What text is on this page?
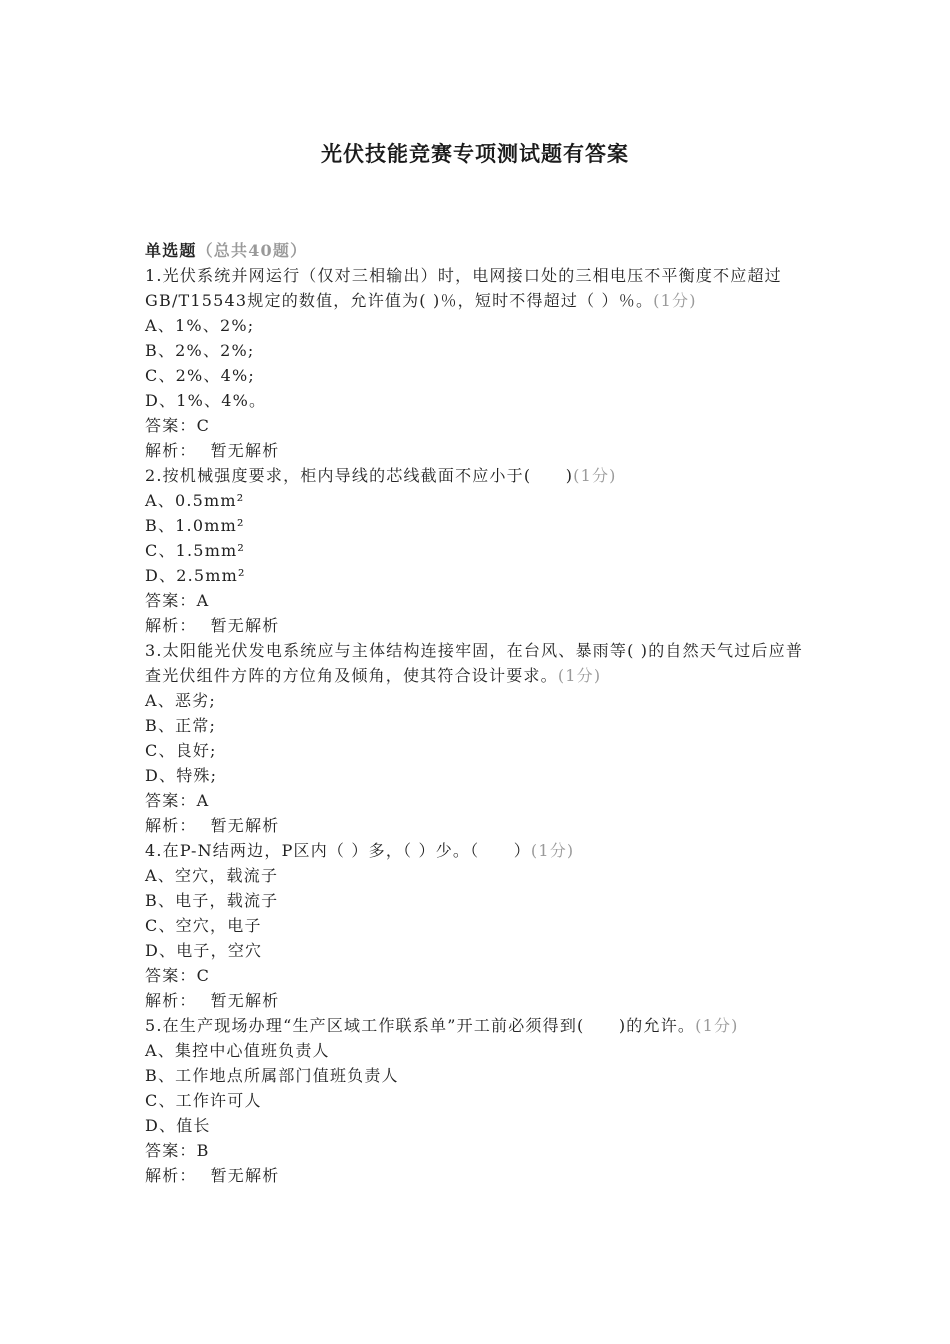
光伏技能竞赛专项测试题有答案
单选题（总共40题）
1.光伏系统并网运行（仅对三相输出）时，电网接口处的三相电压不平衡度不应超过GB/T15543规定的数值，允许值为( )％，短时不得超过（ ）％。(1分)
A、1%、2%;
B、2%、2%;
C、2%、4%;
D、1%、4%。
答案：C
解析： 暂无解析
2.按机械强度要求，柜内导线的芯线截面不应小于(　　)(1分)
A、0.5mm²
B、1.0mm²
C、1.5mm²
D、2.5mm²
答案：A
解析： 暂无解析
3.太阳能光伏发电系统应与主体结构连接牢固，在台风、暴雨等( )的自然天气过后应普查光伏组件方阵的方位角及倾角，使其符合设计要求。(1分)
A、恶劣;
B、正常;
C、良好;
D、特殊;
答案：A
解析： 暂无解析
4.在P-N结两边，P区内（ ）多，（ ）少。（　　）(1分)
A、空穴，载流子
B、电子，载流子
C、空穴，电子
D、电子，空穴
答案：C
解析： 暂无解析
5.在生产现场办理“生产区域工作联系单”开工前必须得到(　　)的允许。(1分)
A、集控中心值班负责人
B、工作地点所属部门值班负责人
C、工作许可人
D、值长
答案：B
解析： 暂无解析
